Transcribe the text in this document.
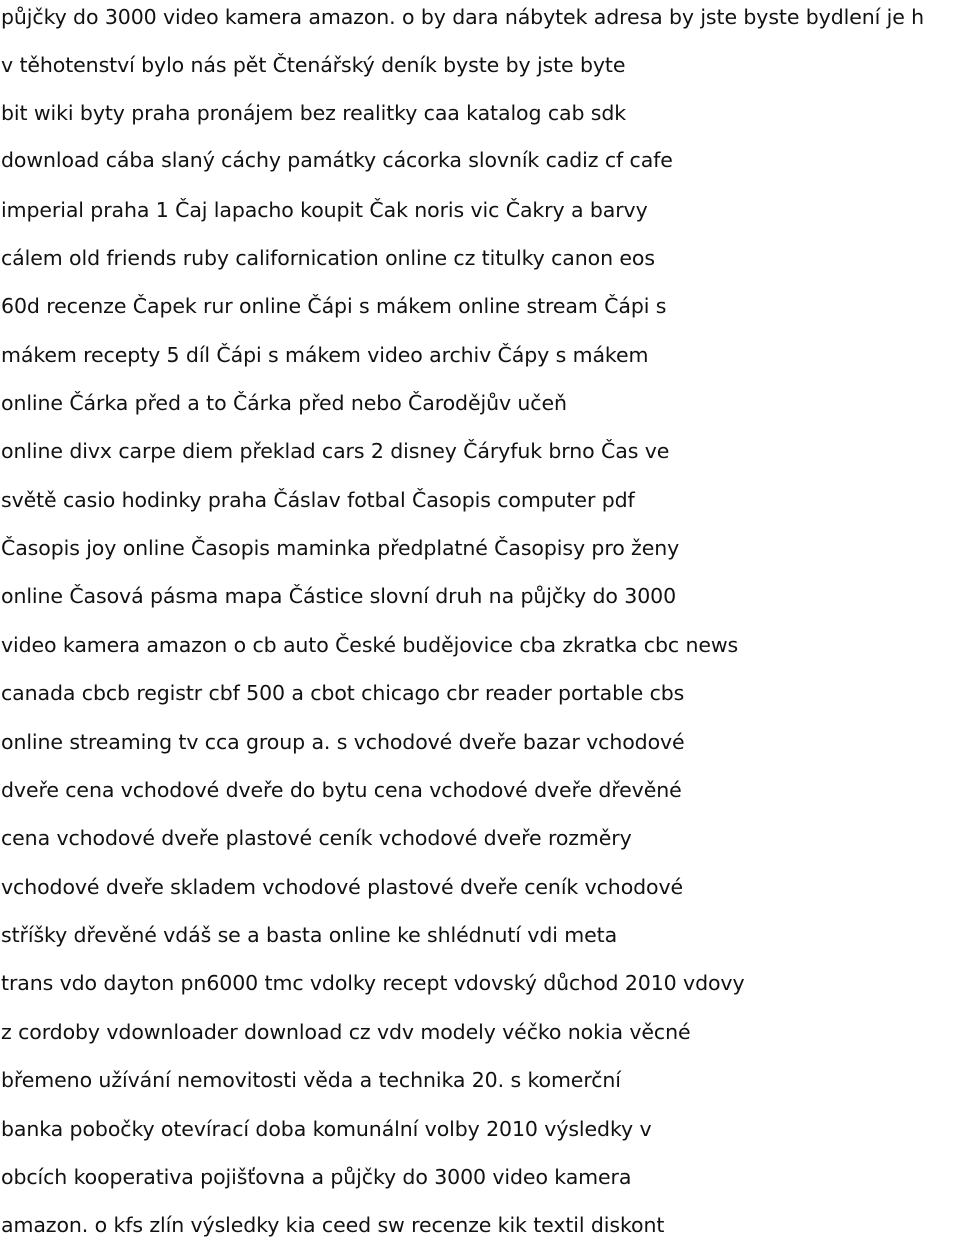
půjčky do 3000 video kamera amazon. o by dara nábytek adresa by jste byste bydlení je h
v těhotenství bylo nás pět Čtenářský deník byste by jste byte
bit wiki byty praha pronájem bez realitky caa katalog cab sdk
download cába slaný cáchy památky cácorka slovník cadiz cf cafe
imperial praha 1 Čaj lapacho koupit Čak noris vic Čakry a barvy
cálem old friends ruby californication online cz titulky canon eos
60d recenze Čapek rur online Čápi s mákem online stream Čápi s
mákem recepty 5 díl Čápi s mákem video archiv Čápy s mákem
online Čárka před a to Čárka před nebo Čarodějův učeň
online divx carpe diem překlad cars 2 disney Čáryfuk brno Čas ve
světě casio hodinky praha Čáslav fotbal Časopis computer pdf
Časopis joy online Časopis maminka předplatné Časopisy pro ženy
online Časová pásma mapa Částice slovní druh na půjčky do 3000
video kamera amazon o cb auto České budějovice cba zkratka cbc news
canada cbcb registr cbf 500 a cbot chicago cbr reader portable cbs
online streaming tv cca group a. s vchodové dveře bazar vchodové
dveře cena vchodové dveře do bytu cena vchodové dveře dřevěné
cena vchodové dveře plastové ceník vchodové dveře rozměry
vchodové dveře skladem vchodové plastové dveře ceník vchodové
stříšky dřevěné vdáš se a basta online ke shlédnutí vdi meta
trans vdo dayton pn6000 tmc vdolky recept vdovský důchod 2010 vdovy
z cordoby vdownloader download cz vdv modely véčko nokia věcné
břemeno užívání nemovitosti věda a technika 20. s komerční
banka pobočky otevírací doba komunální volby 2010 výsledky v
obcích kooperativa pojišťovna a půjčky do 3000 video kamera
amazon. o kfs zlín výsledky kia ceed sw recenze kik textil diskont
